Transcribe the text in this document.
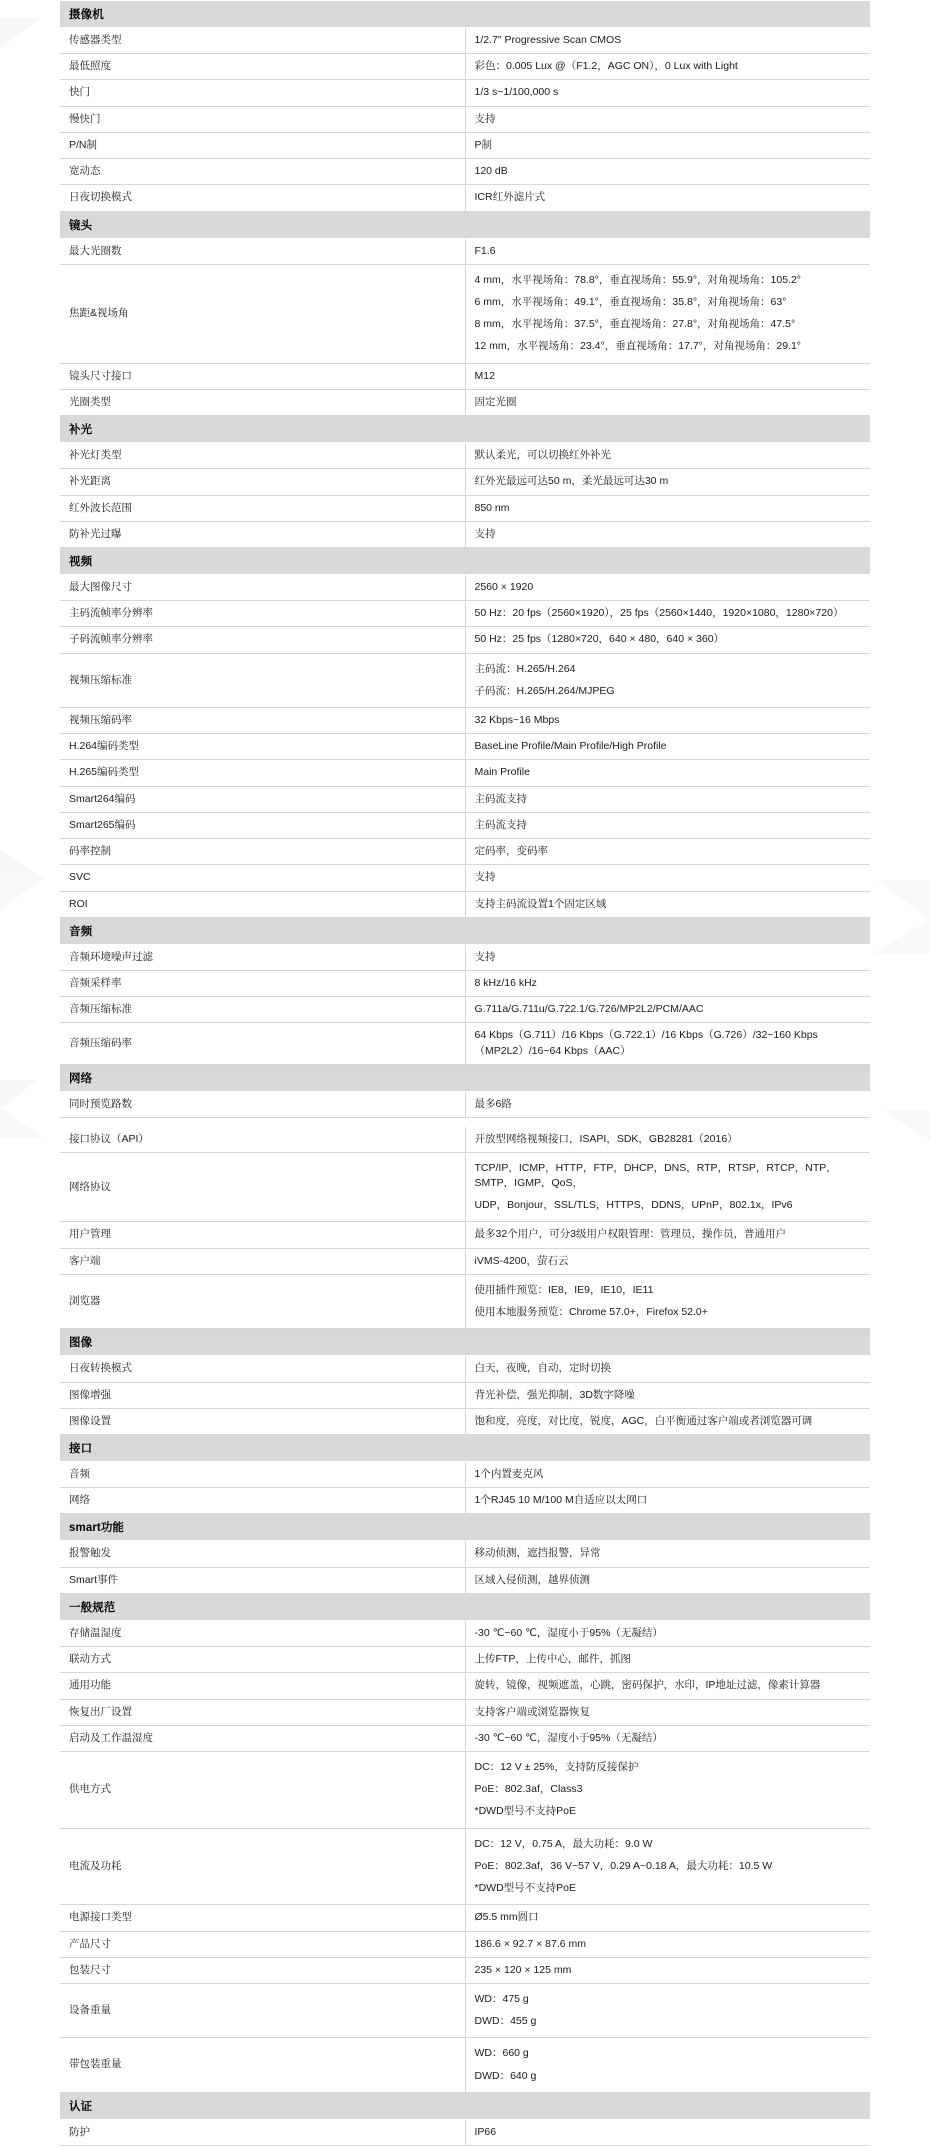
摄像机	
传感器类型	1/2.7" Progressive Scan CMOS

最低照度	彩色：0.005 Lux @（F1.2，AGC ON），0 Lux with Light

快门	1/3 s~1/100,000 s

慢快门	支持

P/N制	P制

宽动态	120 dB

日夜切换模式	ICR红外滤片式

镜头	
最大光圈数	F1.6

焦距&视场角	4 mm，水平视场角：78.8°，垂直视场角：55.9°，对角视场角：105.2°
6 mm，水平视场角：49.1°，垂直视场角：35.8°，对角视场角：63°
8 mm，水平视场角：37.5°，垂直视场角：27.8°，对角视场角：47.5°
12 mm，水平视场角：23.4°，垂直视场角：17.7°，对角视场角：29.1°

镜头尺寸接口	M12

光圈类型	固定光圈

补光	
补光灯类型	默认柔光，可以切换红外补光

补光距离	红外光最远可达50 m，柔光最远可达30 m

红外波长范围	850 nm

防补光过曝	支持

视频	
最大图像尺寸	2560 × 1920

主码流帧率分辨率	50 Hz：20 fps（2560×1920），25 fps（2560×1440，1920×1080，1280×720）

子码流帧率分辨率	50 Hz：25 fps（1280×720，640 × 480，640 × 360）

视频压缩标准	主码流：H.265/H.264
子码流：H.265/H.264/MJPEG

视频压缩码率	32 Kbps~16 Mbps

H.264编码类型	BaseLine Profile/Main Profile/High Profile

H.265编码类型	Main Profile

Smart264编码	主码流支持

Smart265编码	主码流支持

码率控制	定码率，变码率

SVC	支持

ROI	支持主码流设置1个固定区域

音频	
音频环境噪声过滤	支持

音频采样率	8 kHz/16 kHz

音频压缩标准	G.711a/G.711u/G.722.1/G.726/MP2L2/PCM/AAC

音频压缩码率	64 Kbps（G.711）/16 Kbps（G.722.1）/16 Kbps（G.726）/32~160 Kbps（MP2L2）/16~64 Kbps（AAC）

网络	
同时预览路数	最多6路

接口协议（API）	开放型网络视频接口，ISAPI，SDK，GB28281（2016）

网络协议	TCP/IP，ICMP，HTTP，FTP，DHCP，DNS，RTP，RTSP，RTCP，NTP，SMTP，IGMP，QoS，
UDP，Bonjour，SSL/TLS，HTTPS，DDNS，UPnP，802.1x，IPv6

用户管理	最多32个用户，可分3级用户权限管理：管理员，操作员，普通用户

客户端	iVMS-4200，萤石云

浏览器	使用插件预览：IE8，IE9，IE10，IE11
使用本地服务预览：Chrome 57.0+，Firefox 52.0+

图像	
日夜转换模式	白天，夜晚，自动，定时切换

图像增强	背光补偿，强光抑制，3D数字降噪

图像设置	饱和度，亮度，对比度，锐度，AGC，白平衡通过客户端或者浏览器可调

接口	
音频	1个内置麦克风

网络	1个RJ45 10 M/100 M自适应以太网口

smart功能	
报警触发	移动侦测，遮挡报警，异常

Smart事件	区域入侵侦测，越界侦测

一般规范	
存储温湿度	-30 ℃~60 ℃，湿度小于95%（无凝结）

联动方式	上传FTP，上传中心，邮件，抓图

通用功能	旋转，镜像，视频遮盖，心跳，密码保护，水印，IP地址过滤，像素计算器

恢复出厂设置	支持客户端或浏览器恢复

启动及工作温湿度	-30 ℃~60 ℃，湿度小于95%（无凝结）

供电方式	DC：12 V ± 25%，支持防反接保护
PoE：802.3af，Class3
*DWD型号不支持PoE

电流及功耗	DC：12 V，0.75 A，最大功耗：9.0 W
PoE：802.3af，36 V~57 V，0.29 A~0.18 A，最大功耗：10.5 W
*DWD型号不支持PoE

电源接口类型	Ø5.5 mm圆口

产品尺寸	186.6 × 92.7 × 87.6 mm

包装尺寸	235 × 120 × 125 mm

设备重量	WD：475 g
DWD：455 g

带包装重量	WD：660 g
DWD：640 g

认证	
防护	IP66
